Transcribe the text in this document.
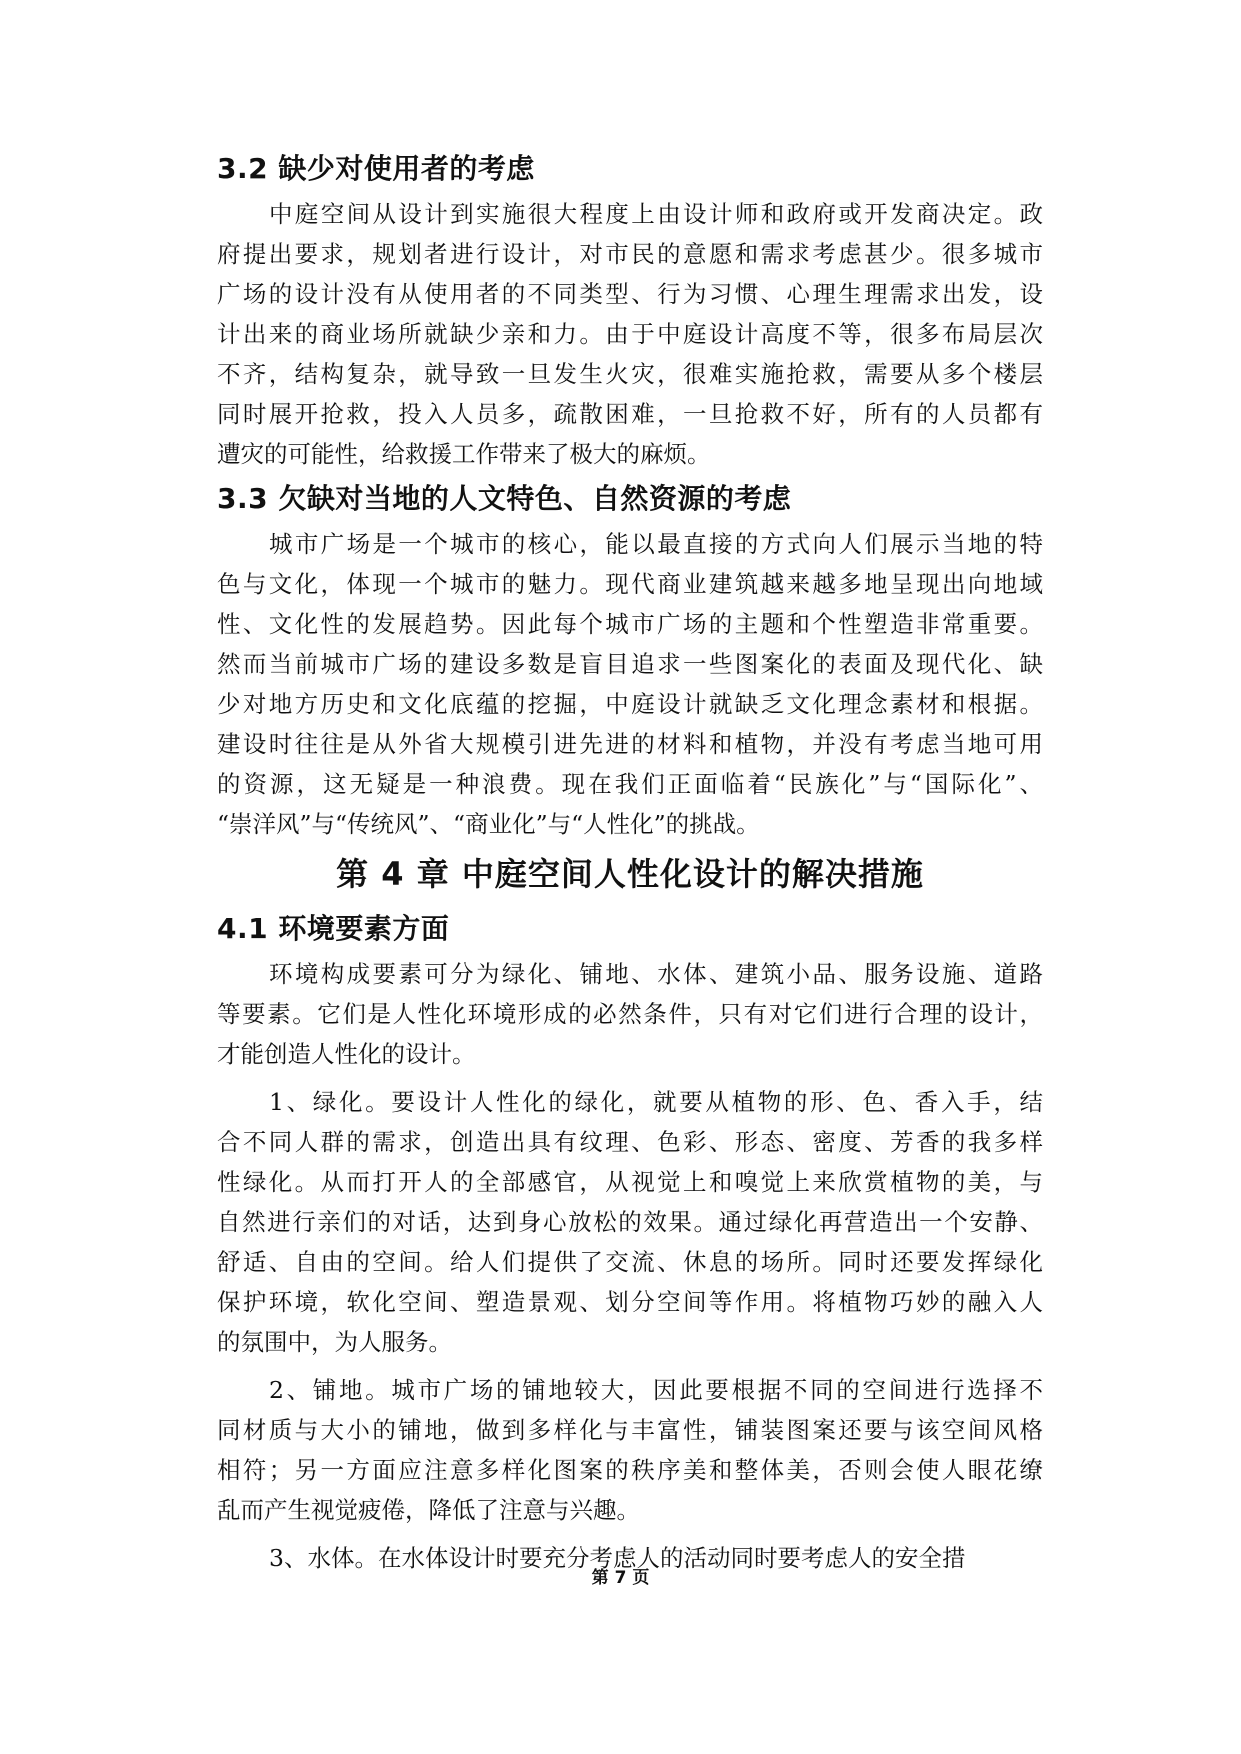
3.2 缺少对使用者的考虑

中庭空间从设计到实施很大程度上由设计师和政府或开发商决定。政
府提出要求，规划者进行设计，对市民的意愿和需求考虑甚少。很多城市
广场的设计没有从使用者的不同类型、行为习惯、心理生理需求出发，设
计出来的商业场所就缺少亲和力。由于中庭设计高度不等，很多布局层次
不齐，结构复杂，就导致一旦发生火灾，很难实施抢救，需要从多个楼层
同时展开抢救，投入人员多，疏散困难，一旦抢救不好，所有的人员都有
遭灾的可能性，给救援工作带来了极大的麻烦。

3.3 欠缺对当地的人文特色、自然资源的考虑

城市广场是一个城市的核心，能以最直接的方式向人们展示当地的特
色与文化，体现一个城市的魅力。现代商业建筑越来越多地呈现出向地域
性、文化性的发展趋势。因此每个城市广场的主题和个性塑造非常重要。
然而当前城市广场的建设多数是盲目追求一些图案化的表面及现代化、缺
少对地方历史和文化底蕴的挖掘，中庭设计就缺乏文化理念素材和根据。
建设时往往是从外省大规模引进先进的材料和植物，并没有考虑当地可用
的资源，这无疑是一种浪费。现在我们正面临着“民族化”与“国际化”、
“崇洋风”与“传统风”、“商业化”与“人性化”的挑战。

第 4 章 中庭空间人性化设计的解决措施
4.1 环境要素方面

环境构成要素可分为绿化、铺地、水体、建筑小品、服务设施、道路
等要素。它们是人性化环境形成的必然条件，只有对它们进行合理的设计，
才能创造人性化的设计。

1、绿化。要设计人性化的绿化，就要从植物的形、色、香入手，结
合不同人群的需求，创造出具有纹理、色彩、形态、密度、芳香的我多样
性绿化。从而打开人的全部感官，从视觉上和嗅觉上来欣赏植物的美，与
自然进行亲们的对话，达到身心放松的效果。通过绿化再营造出一个安静、
舒适、自由的空间。给人们提供了交流、休息的场所。同时还要发挥绿化
保护环境，软化空间、塑造景观、划分空间等作用。将植物巧妙的融入人
的氛围中，为人服务。

2、铺地。城市广场的铺地较大，因此要根据不同的空间进行选择不
同材质与大小的铺地，做到多样化与丰富性，铺装图案还要与该空间风格
相符；另一方面应注意多样化图案的秩序美和整体美，否则会使人眼花缭
乱而产生视觉疲倦，降低了注意与兴趣。

3、水体。在水体设计时要充分考虑人的活动同时要考虑人的安全措

第 7 页
